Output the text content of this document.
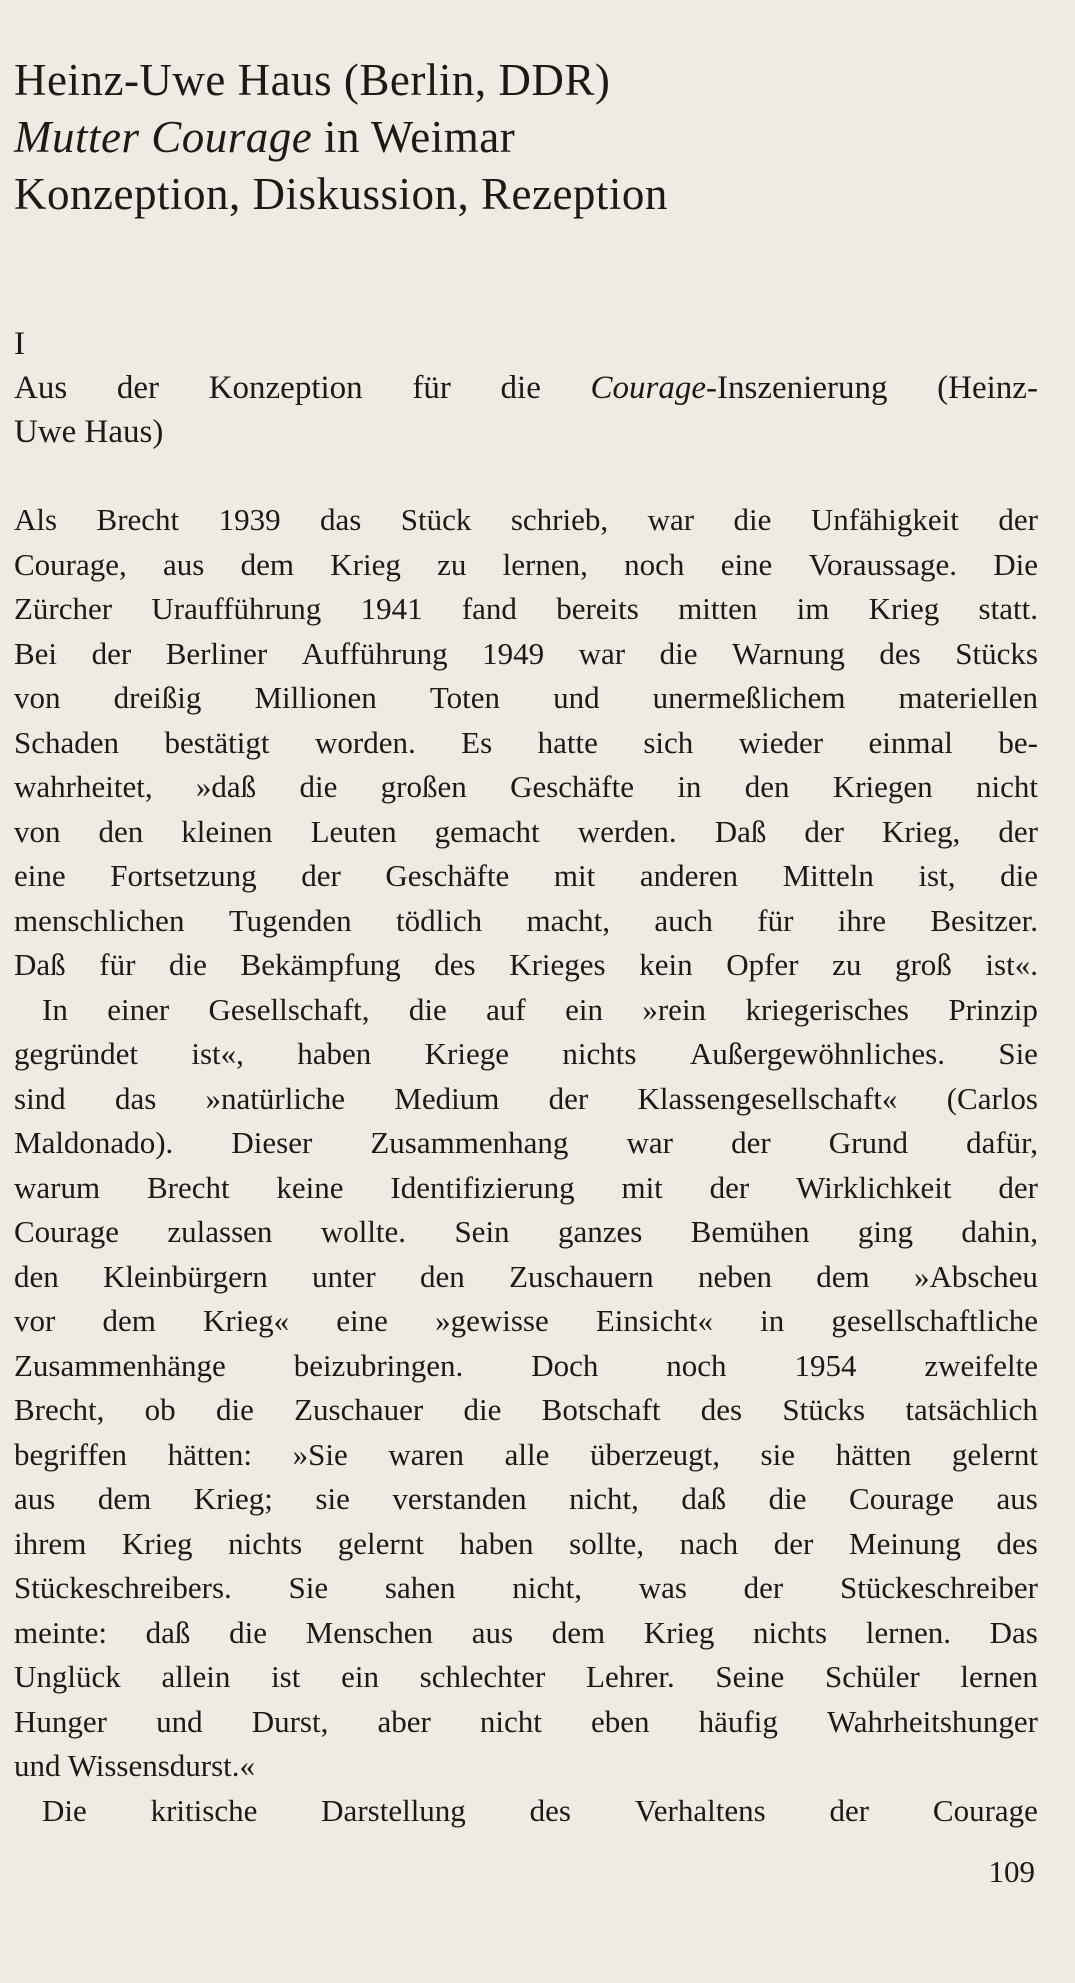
Heinz-Uwe Haus (Berlin, DDR)
Mutter Courage in Weimar
Konzeption, Diskussion, Rezeption
I
Aus der Konzeption für die Courage-Inszenierung (Heinz-
Uwe Haus)
Als Brecht 1939 das Stück schrieb, war die Unfähigkeit der
Courage, aus dem Krieg zu lernen, noch eine Voraussage. Die
Zürcher Uraufführung 1941 fand bereits mitten im Krieg statt.
Bei der Berliner Aufführung 1949 war die Warnung des Stücks
von dreißig Millionen Toten und unermeßlichem materiellen
Schaden bestätigt worden. Es hatte sich wieder einmal be-
wahrheitet, »daß die großen Geschäfte in den Kriegen nicht
von den kleinen Leuten gemacht werden. Daß der Krieg, der
eine Fortsetzung der Geschäfte mit anderen Mitteln ist, die
menschlichen Tugenden tödlich macht, auch für ihre Besitzer.
Daß für die Bekämpfung des Krieges kein Opfer zu groß ist«.
In einer Gesellschaft, die auf ein »rein kriegerisches Prinzip
gegründet ist«, haben Kriege nichts Außergewöhnliches. Sie
sind das »natürliche Medium der Klassengesellschaft« (Carlos
Maldonado). Dieser Zusammenhang war der Grund dafür,
warum Brecht keine Identifizierung mit der Wirklichkeit der
Courage zulassen wollte. Sein ganzes Bemühen ging dahin,
den Kleinbürgern unter den Zuschauern neben dem »Abscheu
vor dem Krieg« eine »gewisse Einsicht« in gesellschaftliche
Zusammenhänge beizubringen. Doch noch 1954 zweifelte
Brecht, ob die Zuschauer die Botschaft des Stücks tatsächlich
begriffen hätten: »Sie waren alle überzeugt, sie hätten gelernt
aus dem Krieg; sie verstanden nicht, daß die Courage aus
ihrem Krieg nichts gelernt haben sollte, nach der Meinung des
Stückeschreibers. Sie sahen nicht, was der Stückeschreiber
meinte: daß die Menschen aus dem Krieg nichts lernen. Das
Unglück allein ist ein schlechter Lehrer. Seine Schüler lernen
Hunger und Durst, aber nicht eben häufig Wahrheitshunger
und Wissensdurst.«
Die kritische Darstellung des Verhaltens der Courage
109
